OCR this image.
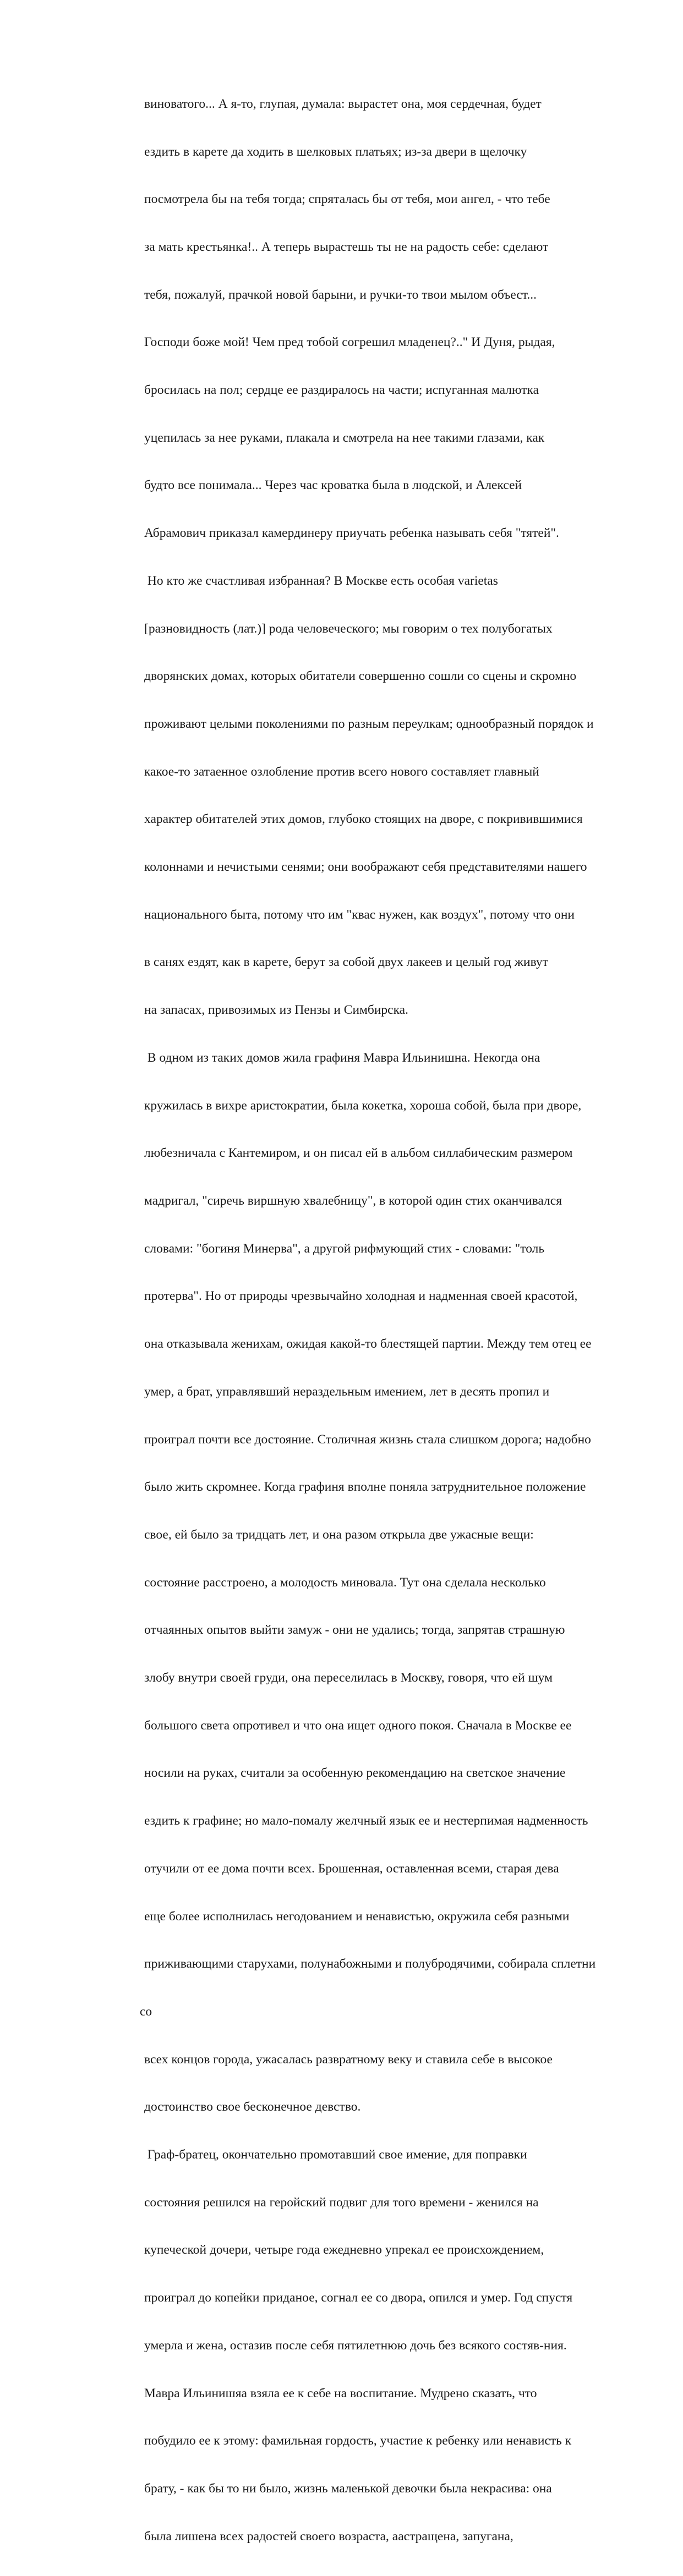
виноватого... А я-то, глупая, думала: вырастет она, моя сердечная, будет

ездить в карете да ходить в шелковых платьях; из-за двери в щелочку

посмотрела бы на тебя тогда; спряталась бы от тебя, мои ангел, - что тебе

за мать крестьянка!.. А теперь вырастешь ты не на радость себе: сделают

тебя, пожалуй, прачкой новой барыни, и ручки-то твои мылом объест...

Господи боже мой! Чем пред тобой согрешил младенец?.." И Дуня, рыдая,

бросилась на пол; сердце ее раздиралось на части; испуганная малютка

уцепилась за нее руками, плакала и смотрела на нее такими глазами, как

будто все понимала... Через час кроватка была в людской, и Алексей

Абрамович приказал камердинеру приучать ребенка называть себя "тятей".

Но кто же счастливая избранная? В Москве есть особая varietas

[разновидность (лат.)] рода человеческого; мы говорим о тех полубогатых

дворянских домах, которых обитатели совершенно сошли со сцены и скромно

проживают целыми поколениями по разным переулкам; однообразный порядок и

какое-то затаенное озлобление против всего нового составляет главный

характер обитателей этих домов, глубоко стоящих на дворе, с покривившимися

колоннами и нечистыми сенями; они воображают себя представителями нашего

национального быта, потому что им "квас нужен, как воздух", потому что они

в санях ездят, как в карете, берут за собой двух лакеев и целый год живут

на запасах, привозимых из Пензы и Симбирска.

В одном из таких домов жила графиня Мавра Ильинишна. Некогда она

кружилась в вихре аристократии, была кокетка, хороша собой, была при дворе,

любезничала с Кантемиром, и он писал ей в альбом силлабическим размером

мадригал, "сиречь виршную хвалебницу", в которой один стих оканчивался

словами: "богиня Минерва", а другой рифмующий стих - словами: "толь

протерва". Но от природы чрезвычайно холодная и надменная своей красотой,

она отказывала женихам, ожидая какой-то блестящей партии. Между тем отец ее

умер, а брат, управлявший нераздельным имением, лет в десять пропил и

проиграл почти все достояние. Столичная жизнь стала слишком дорога; надобно

было жить скромнее. Когда графиня вполне поняла затруднительное положение

свое, ей было за тридцать лет, и она разом открыла две ужасные вещи:

состояние расстроено, а молодость миновала. Тут она сделала несколько

отчаянных опытов выйти замуж - они не удались; тогда, запрятав страшную

злобу внутри своей груди, она переселилась в Москву, говоря, что ей шум

большого света опротивел и что она ищет одного покоя. Сначала в Москве ее

носили на руках, считали за особенную рекомендацию на светское значение

ездить к графине; но мало-помалу желчный язык ее и нестерпимая надменность

отучили от ее дома почти всех. Брошенная, оставленная всеми, старая дева

еще более исполнилась негодованием и ненавистью, окружила себя разными

приживающими старухами, полунабожными и полубродячими, собирала сплетни

со

всех концов города, ужасалась развратному веку и ставила себе в высокое

достоинство свое бесконечное девство.

Граф-братец, окончательно промотавший свое имение, для поправки

состояния решился на геройский подвиг для того времени - женился на

купеческой дочери, четыре года ежедневно упрекал ее происхождением,

проиграл до копейки приданое, согнал ее со двора, опился и умер. Год спустя

умерла и жена, остазив после себя пятилетнюю дочь без всякого состяв-ния.

Мавра Ильинишяа взяла ее к себе на воспитание. Мудрено сказать, что

побудило ее к этому: фамильная гордость, участие к ребенку или ненависть к

брату, - как бы то ни было, жизнь маленькой девочки была некрасива: она

была лишена всех радостей своего возраста, аастращена, запугана,
